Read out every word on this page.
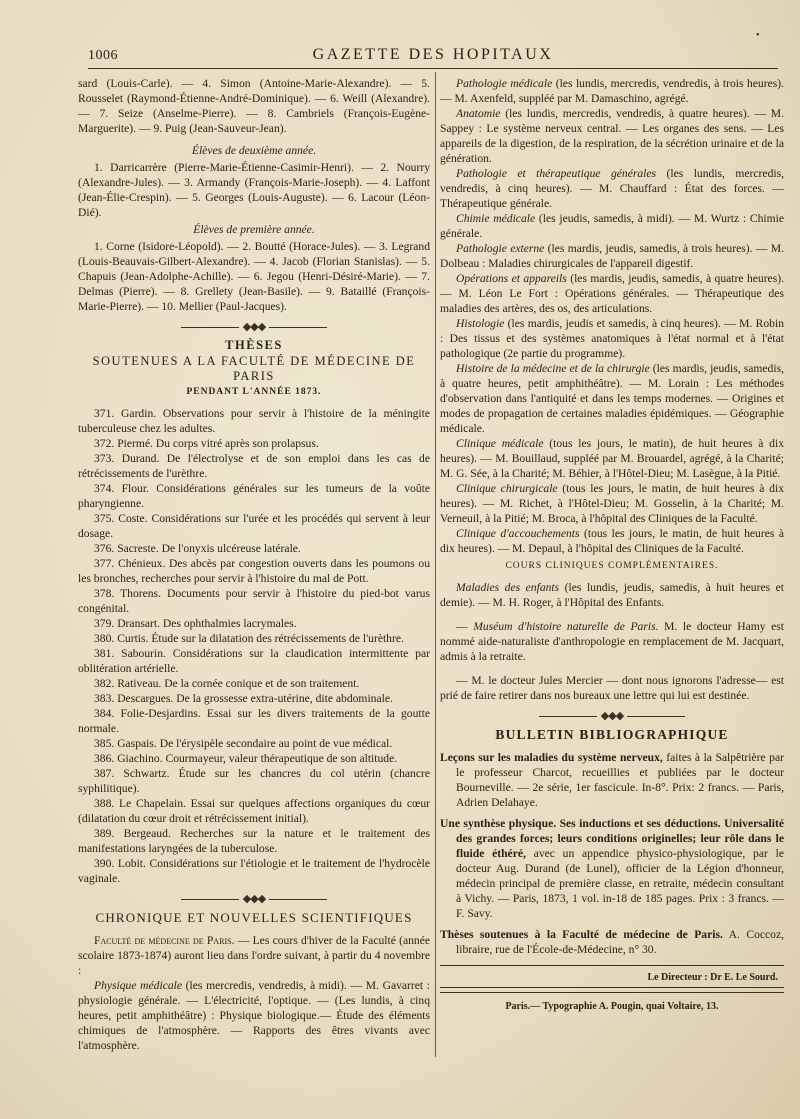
•
1006	GAZETTE DES HOPITAUX

sard (Louis-Carle). — 4. Simon (Antoine-Marie-Alexandre). — 5. Rousselet (Raymond-Étienne-André-Dominique). — 6. Weill (Alexandre). — 7. Seize (Anselme-Pierre). — 8. Cambriels (François-Eugène-Marguerite). — 9. Puig (Jean-Sauveur-Jean).

Élèves de deuxième année.

1. Darricarrère (Pierre-Marie-Étienne-Casimir-Henri). — 2. Nourry (Alexandre-Jules). — 3. Armandy (François-Marie-Joseph). — 4. Laffont (Jean-Élie-Crespin). — 5. Georges (Louis-Auguste). — 6. Lacour (Léon-Dié).

Élèves de première année.

1. Corne (Isidore-Léopold). — 2. Boutté (Horace-Jules). — 3. Legrand (Louis-Beauvais-Gilbert-Alexandre). — 4. Jacob (Florian Stanislas). — 5. Chapuis (Jean-Adolphe-Achille). — 6. Jegou (Henri-Désiré-Marie). — 7. Delmas (Pierre). — 8. Grellety (Jean-Basile). — 9. Bataillé (François-Marie-Pierre). — 10. Mellier (Paul-Jacques).

◆◆◆

THÈSES

SOUTENUES A LA FACULTÉ DE MÉDECINE DE PARIS

PENDANT L'ANNÉE 1873.

371. Gardin. Observations pour servir à l'histoire de la méningite tuberculeuse chez les adultes.

372. Piermé. Du corps vitré après son prolapsus.

373. Durand. De l'électrolyse et de son emploi dans les cas de rétrécissements de l'urèthre.

374. Flour. Considérations générales sur les tumeurs de la voûte pharyngienne.

375. Coste. Considérations sur l'urée et les procédés qui servent à leur dosage.

376. Sacreste. De l'onyxis ulcéreuse latérale.

377. Chénieux. Des abcès par congestion ouverts dans les poumons ou les bronches, recherches pour servir à l'histoire du mal de Pott.

378. Thorens. Documents pour servir à l'histoire du pied-bot varus congénital.

379. Dransart. Des ophthalmies lacrymales.

380. Curtis. Étude sur la dilatation des rétrécissements de l'urèthre.

381. Sabourin. Considérations sur la claudication intermittente par oblitération artérielle.

382. Rativeau. De la cornée conique et de son traitement.

383. Descargues. De la grossesse extra-utérine, dite abdominale.

384. Folie-Desjardins. Essai sur les divers traitements de la goutte normale.

385. Gaspais. De l'érysipèle secondaire au point de vue médical.

386. Giachino. Courmayeur, valeur thérapeutique de son altitude.

387. Schwartz. Étude sur les chancres du col utérin (chancre syphilitique).

388. Le Chapelain. Essai sur quelques affections organiques du cœur (dilatation du cœur droit et rétrécissement initial).

389. Bergeaud. Recherches sur la nature et le traitement des manifestations laryngées de la tuberculose.

390. Lobit. Considérations sur l'étiologie et le traitement de l'hydrocèle vaginale.

◆◆◆

CHRONIQUE ET NOUVELLES SCIENTIFIQUES

Faculté de médecine de Paris. — Les cours d'hiver de la Faculté (année scolaire 1873-1874) auront lieu dans l'ordre suivant, à partir du 4 novembre :

Physique médicale (les mercredis, vendredis, à midi). — M. Gavarret : physiologie générale. — L'électricité, l'optique. — (Les lundis, à cinq heures, petit amphithéâtre) : Physique biologique.— Étude des éléments chimiques de l'atmosphère. — Rapports des êtres vivants avec l'atmosphère.

Pathologie médicale (les lundis, mercredis, vendredis, à trois heures). — M. Axenfeld, suppléé par M. Damaschino, agrégé.

Anatomie (les lundis, mercredis, vendredis, à quatre heures). — M. Sappey : Le système nerveux central. — Les organes des sens. — Les appareils de la digestion, de la respiration, de la sécrétion urinaire et de la génération.

Pathologie et thérapeutique générales (les lundis, mercredis, vendredis, à cinq heures). — M. Chauffard : État des forces. — Thérapeutique générale.

Chimie médicale (les jeudis, samedis, à midi). — M. Wurtz : Chimie générale.

Pathologie externe (les mardis, jeudis, samedis, à trois heures). — M. Dolbeau : Maladies chirurgicales de l'appareil digestif.

Opérations et appareils (les mardis, jeudis, samedis, à quatre heures). — M. Léon Le Fort : Opérations générales. — Thérapeutique des maladies des artères, des os, des articulations.

Histologie (les mardis, jeudis et samedis, à cinq heures). — M. Robin : Des tissus et des systèmes anatomiques à l'état normal et à l'état pathologique (2e partie du programme).

Histoire de la médecine et de la chirurgie (les mardis, jeudis, samedis, à quatre heures, petit amphithéâtre). — M. Lorain : Les méthodes d'observation dans l'antiquité et dans les temps modernes. — Origines et modes de propagation de certaines maladies épidémiques. — Géographie médicale.

Clinique médicale (tous les jours, le matin), de huit heures à dix heures). — M. Bouillaud, suppléé par M. Brouardel, agrégé, à la Charité; M. G. Sée, à la Charité; M. Béhier, à l'Hôtel-Dieu; M. Lasègue, à la Pitié.

Clinique chirurgicale (tous les jours, le matin, de huit heures à dix heures). — M. Richet, à l'Hôtel-Dieu; M. Gosselin, à la Charité; M. Verneuil, à la Pitié; M. Broca, à l'hôpital des Cliniques de la Faculté.

Clinique d'accouchements (tous les jours, le matin, de huit heures à dix heures). — M. Depaul, à l'hôpital des Cliniques de la Faculté.

COURS CLINIQUES COMPLÉMENTAIRES.

Maladies des enfants (les lundis, jeudis, samedis, à huit heures et demie). — M. H. Roger, à l'Hôpital des Enfants.

— Muséum d'histoire naturelle de Paris. M. le docteur Hamy est nommé aide-naturaliste d'anthropologie en remplacement de M. Jacquart, admis à la retraite.

— M. le docteur Jules Mercier — dont nous ignorons l'adresse— est prié de faire retirer dans nos bureaux une lettre qui lui est destinée.

◆◆◆

BULLETIN BIBLIOGRAPHIQUE

Leçons sur les maladies du système nerveux, faites à la Salpêtrière par le professeur Charcot, recueillies et publiées par le docteur Bourneville. — 2e série, 1er fascicule. In-8°. Prix: 2 francs. — Paris, Adrien Delahaye.

Une synthèse physique. Ses inductions et ses déductions. Universalité des grandes forces; leurs conditions originelles; leur rôle dans le fluide éthéré, avec un appendice physico-physiologique, par le docteur Aug. Durand (de Lunel), officier de la Légion d'honneur, médecin principal de première classe, en retraite, médecin consultant à Vichy. — Paris, 1873, 1 vol. in-18 de 185 pages. Prix : 3 francs. — F. Savy.

Thèses soutenues à la Faculté de médecine de Paris. A. Coccoz, libraire, rue de l'École-de-Médecine, n° 30.

Le Directeur : Dr E. Le Sourd.

Paris.— Typographie A. Pougin, quai Voltaire, 13.
